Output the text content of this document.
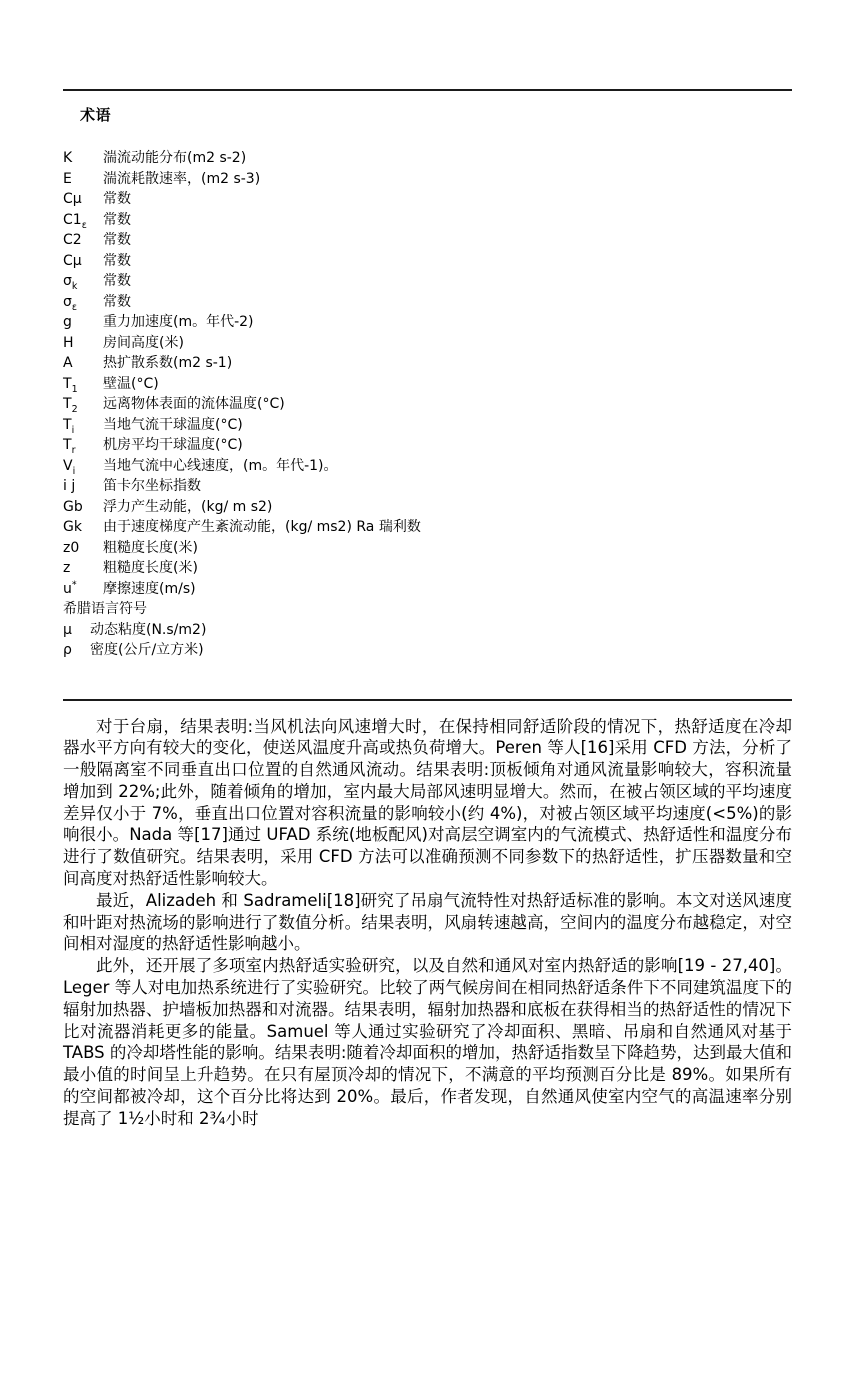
术语
K	湍流动能分布(m2 s-2)
E	湍流耗散速率，(m2 s-3)
Cμ	常数
$C1_\varepsilon$	常数
C2	常数
Cμ	常数
$\sigma_k$	常数
$\sigma_\varepsilon$	常数
g	重力加速度(m。年代-2)
H	房间高度(米)
A	热扩散系数(m2 s-1)
$T_1$	壁温(°C)
$T_2$	远离物体表面的流体温度(°C)
$T_i$	当地气流干球温度(°C)
$T_r$	机房平均干球温度(°C)
$V_i$	当地气流中心线速度，(m。年代-1)。
i j	笛卡尔坐标指数
Gb	浮力产生动能，(kg/ m s2)
Gk	由于速度梯度产生紊流动能，(kg/ ms2) Ra 瑞利数
z0	粗糙度长度(米)
z	粗糙度长度(米)
u*	摩擦速度(m/s)
希腊语言符号
μ	动态粘度(N.s/m2)
ρ	密度(公斤/立方米)

对于台扇，结果表明:当风机法向风速增大时，在保持相同舒适阶段的情况下，热舒适度在冷却器水平方向有较大的变化，使送风温度升高或热负荷增大。Peren 等人[16]采用 CFD 方法，分析了一般隔离室不同垂直出口位置的自然通风流动。结果表明:顶板倾角对通风流量影响较大，容积流量增加到 22%;此外，随着倾角的增加，室内最大局部风速明显增大。然而，在被占领区域的平均速度差异仅小于 7%，垂直出口位置对容积流量的影响较小(约 4%)，对被占领区域平均速度(<5%)的影响很小。Nada 等[17]通过 UFAD 系统(地板配风)对高层空调室内的气流模式、热舒适性和温度分布进行了数值研究。结果表明，采用 CFD 方法可以准确预测不同参数下的热舒适性，扩压器数量和空间高度对热舒适性影响较大。

最近，Alizadeh 和 Sadrameli[18]研究了吊扇气流特性对热舒适标准的影响。本文对送风速度和叶距对热流场的影响进行了数值分析。结果表明，风扇转速越高，空间内的温度分布越稳定，对空间相对湿度的热舒适性影响越小。

此外，还开展了多项室内热舒适实验研究，以及自然和通风对室内热舒适的影响[19 - 27,40]。Leger 等人对电加热系统进行了实验研究。比较了两气候房间在相同热舒适条件下不同建筑温度下的辐射加热器、护墙板加热器和对流器。结果表明，辐射加热器和底板在获得相当的热舒适性的情况下比对流器消耗更多的能量。Samuel 等人通过实验研究了冷却面积、黑暗、吊扇和自然通风对基于 TABS 的冷却塔性能的影响。结果表明:随着冷却面积的增加，热舒适指数呈下降趋势，达到最大值和最小值的时间呈上升趋势。在只有屋顶冷却的情况下，不满意的平均预测百分比是 89%。如果所有的空间都被冷却，这个百分比将达到 20%。最后，作者发现，自然通风使室内空气的高温速率分别提高了 1½小时和 2¾小时
